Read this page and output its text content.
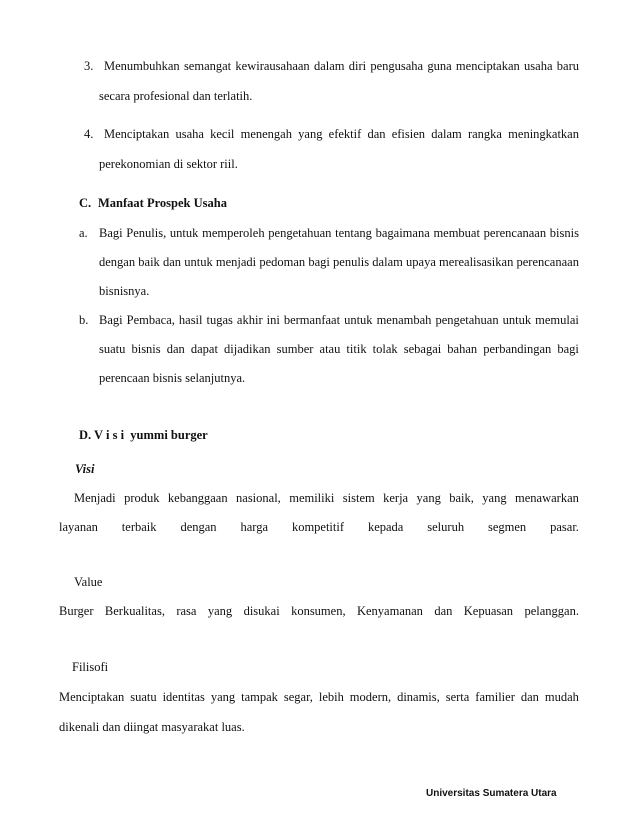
3. Menumbuhkan semangat kewirausahaan dalam diri pengusaha guna menciptakan usaha baru
secara profesional dan terlatih.
4. Menciptakan usaha kecil menengah yang efektif dan efisien dalam rangka meningkatkan
perekonomian di sektor riil.
C. Manfaat Prospek Usaha
a. Bagi Penulis, untuk memperoleh pengetahuan tentang bagaimana membuat perencanaan bisnis
dengan baik dan untuk menjadi pedoman bagi penulis dalam upaya merealisasikan perencanaan
bisnisnya.
b. Bagi Pembaca, hasil tugas akhir ini bermanfaat untuk menambah pengetahuan untuk memulai
suatu bisnis dan dapat dijadikan sumber atau titik tolak sebagai bahan perbandingan bagi
perencaan bisnis selanjutnya.
D. V i s i  yummi burger
Visi
Menjadi produk kebanggaan nasional, memiliki sistem kerja yang baik, yang menawarkan
layanan terbaik dengan harga kompetitif kepada seluruh segmen pasar.
Value
Burger Berkualitas, rasa yang disukai konsumen, Kenyamanan dan Kepuasan pelanggan.
Filisofi
Menciptakan suatu identitas yang tampak segar, lebih modern, dinamis, serta familier dan mudah
dikenali dan diingat masyarakat luas.
Universitas Sumatera Utara
